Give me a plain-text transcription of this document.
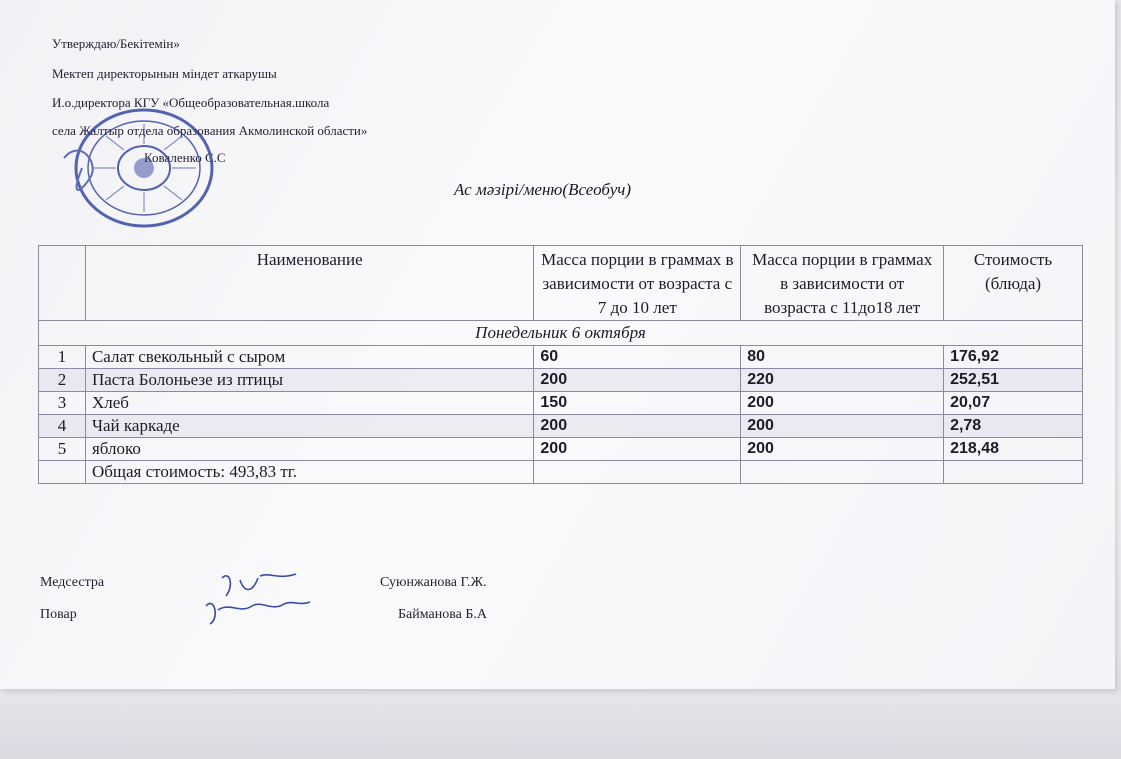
Утверждаю/Бекітемін»
Мектеп директорынын міндет аткарушы
И.о.директора КГУ «Общеобразовательная.школа
села Жалтыр отдела образования Акмолинской области»
Коваленко С.С
Ас мәзірі/меню(Всеобуч)
	Наименование	Масса порции в граммах в зависимости от возраста с 7 до 10 лет	Масса порции в граммах в зависимости от возраста с 11до18 лет	Стоимость (блюда)
Понедельник 6 октября				
1	Салат свекольный с сыром	60	80	176,92
2	Паста Болоньезе из птицы	200	220	252,51
3	Хлеб	150	200	20,07
4	Чай каркаде	200	200	2,78
5	яблоко	200	200	218,48
	Общая стоимость: 493,83 тг.			
Медсестра	Суюнжанова Г.Ж.
Повар	Байманова Б.А
